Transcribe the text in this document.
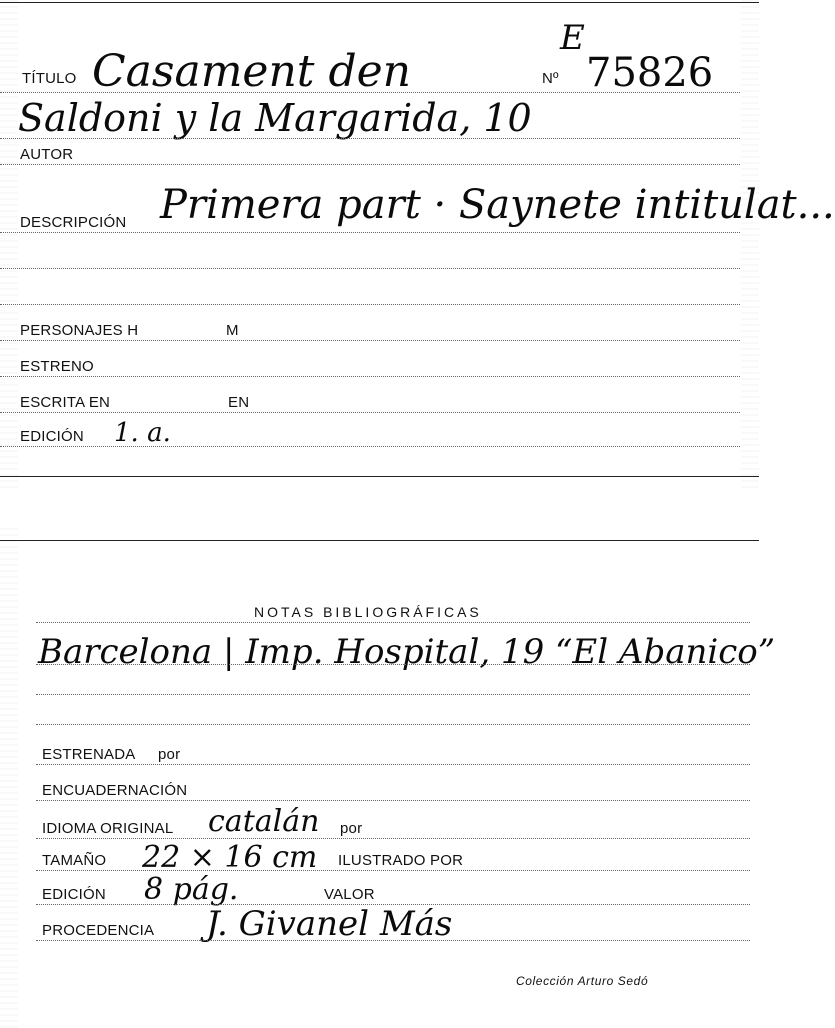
E
TÍTULO Casament den	Nº 75826
Saldoni y la Margarida, 10
AUTOR
DESCRIPCIÓN Primera part · Saynete intitulat...
PERSONAJES H	M
ESTRENO
ESCRITA EN	EN
EDICIÓN 1. a.
NOTAS BIBLIOGRÁFICAS
Barcelona | Imp. Hospital, 19 “El Abanico”
ESTRENADA por
ENCUADERNACIÓN
IDIOMA ORIGINAL catalán por
TAMAÑO 22 × 16 cm ILUSTRADO POR
EDICIÓN 8 pág.	VALOR
PROCEDENCIA J. Givanel Más
Colección Arturo Sedó
